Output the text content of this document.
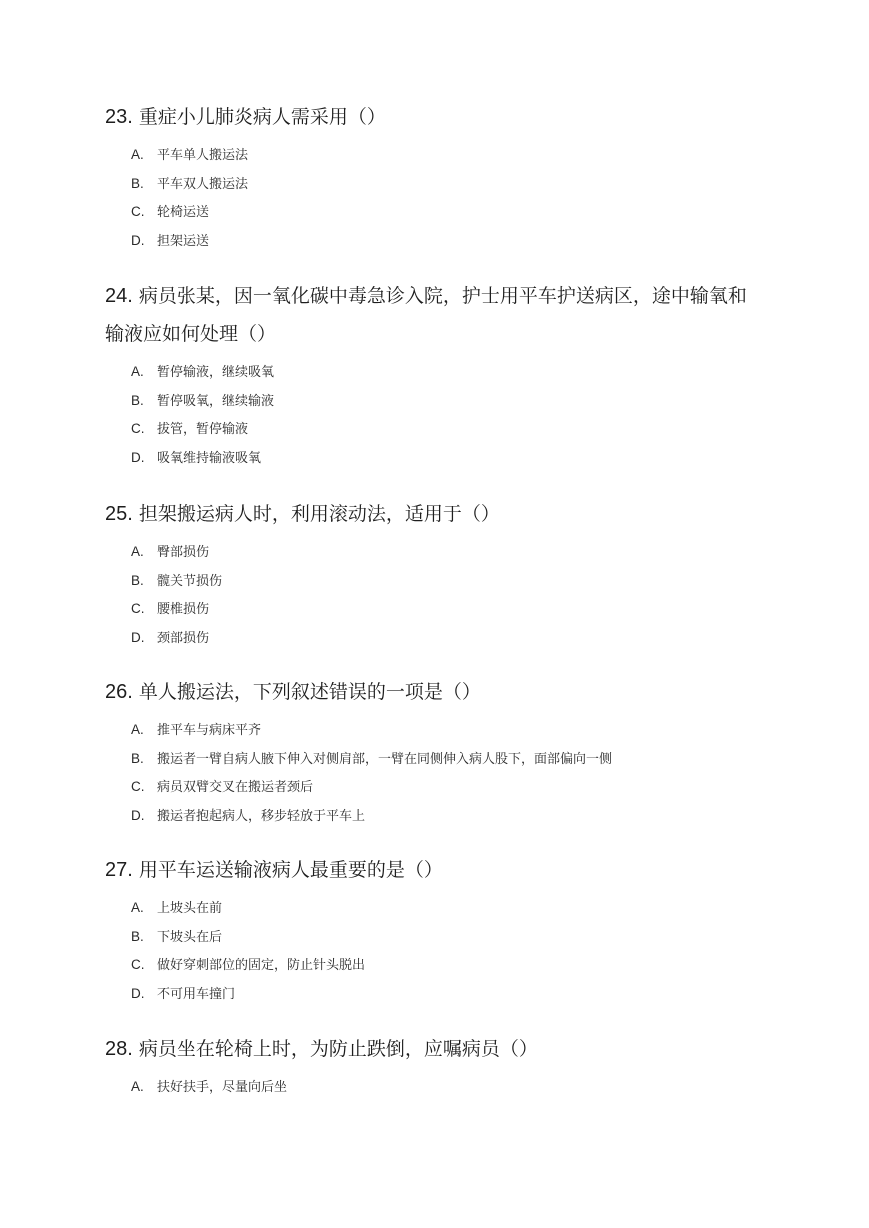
23. 重症小儿肺炎病人需采用（）

A. 平车单人搬运法
B. 平车双人搬运法
C. 轮椅运送
D. 担架运送

24. 病员张某，因一氧化碳中毒急诊入院，护士用平车护送病区，途中输氧和输液应如何处理（）

A. 暂停输液，继续吸氧
B. 暂停吸氧，继续输液
C. 拔管，暂停输液
D. 吸氧维持输液吸氧

25. 担架搬运病人时，利用滚动法，适用于（）

A. 臀部损伤
B. 髋关节损伤
C. 腰椎损伤
D. 颈部损伤

26. 单人搬运法，下列叙述错误的一项是（）

A. 推平车与病床平齐
B. 搬运者一臂自病人腋下伸入对侧肩部，一臂在同侧伸入病人股下，面部偏向一侧
C. 病员双臂交叉在搬运者颈后
D. 搬运者抱起病人，移步轻放于平车上

27. 用平车运送输液病人最重要的是（）

A. 上坡头在前
B. 下坡头在后
C. 做好穿刺部位的固定，防止针头脱出
D. 不可用车撞门

28. 病员坐在轮椅上时，为防止跌倒，应嘱病员（）

A. 扶好扶手，尽量向后坐
